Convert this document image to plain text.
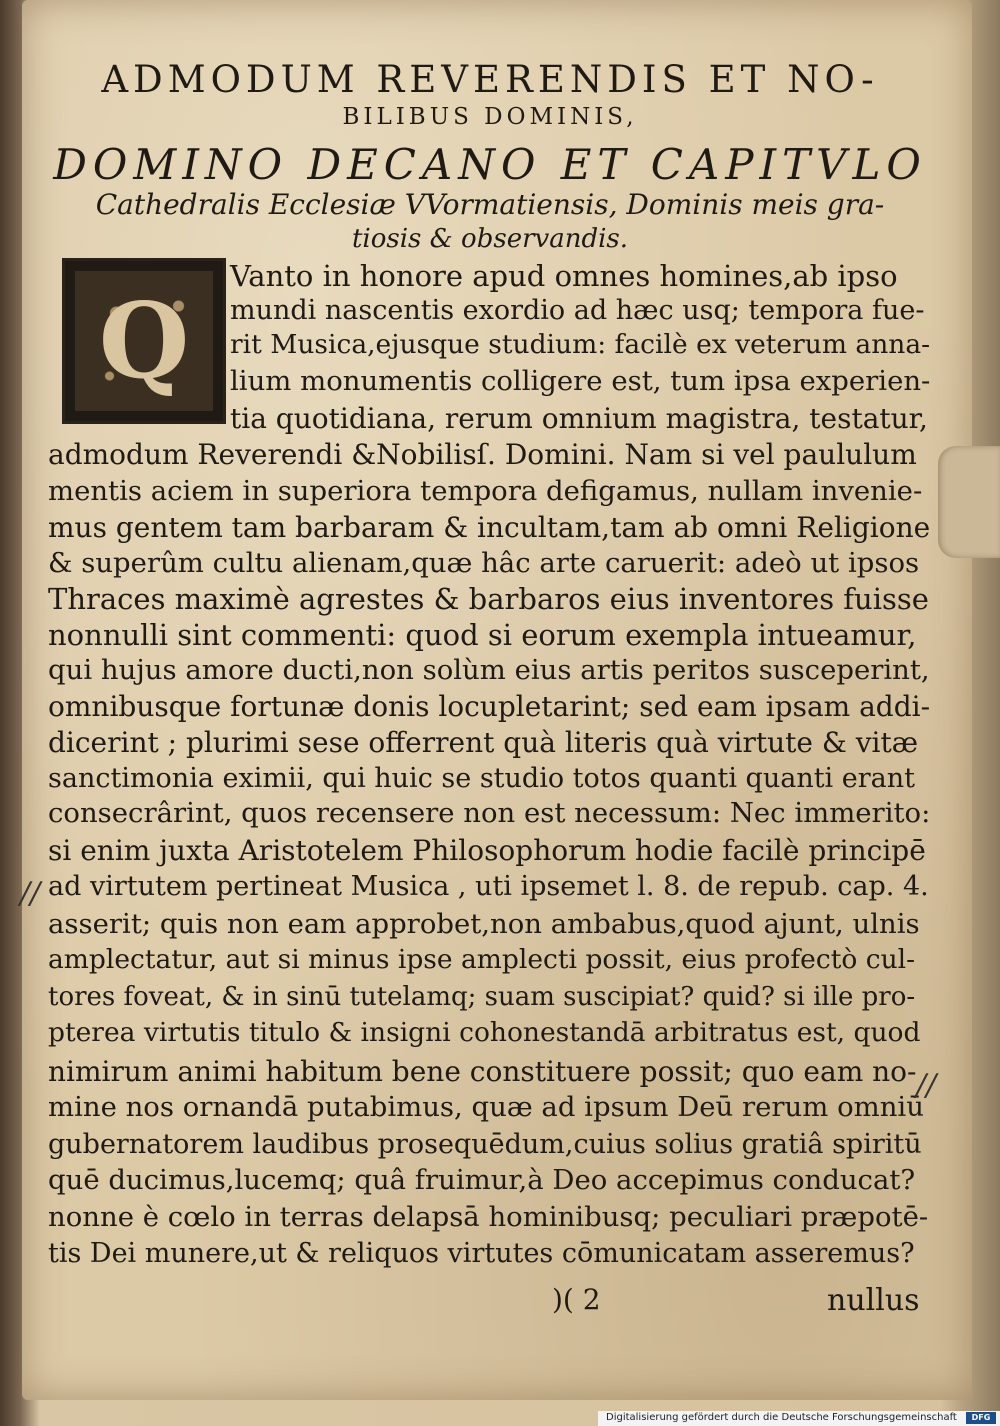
ADMODUM REVERENDIS ET NO-
BILIBUS DOMINIS,
DOMINO DECANO ET CAPITVLO
Cathedralis Ecclesiæ VVormatiensis, Dominis meis gra-
tiosis & observandis.
Q
Vanto in honore apud omnes homines,ab ipso
mundi nascentis exordio ad hæc usq; tempora fue-
rit Musica,ejusque studium: facilè ex veterum anna-
lium monumentis colligere est, tum ipsa experien-
tia quotidiana, rerum omnium magistra, testatur,
admodum Reverendi &Nobilisſ. Domini. Nam si vel paululum
mentis aciem in superiora tempora defigamus, nullam invenie-
mus gentem tam barbaram & incultam,tam ab omni Religione
& superûm cultu alienam,quæ hâc arte caruerit: adeò ut ipsos
Thraces maximè agrestes & barbaros eius inventores fuisse
nonnulli sint commenti: quod si eorum exempla intueamur,
qui hujus amore ducti,non solùm eius artis peritos susceperint,
omnibusque fortunæ donis locupletarint; sed eam ipsam addi-
dicerint ; plurimi sese offerrent quà literis quà virtute & vitæ
sanctimonia eximii, qui huic se studio totos quanti quanti erant
consecrârint, quos recensere non est necessum: Nec immerito:
si enim juxta Aristotelem Philosophorum hodie facilè principē
ad virtutem pertineat Musica , uti ipsemet l. 8. de repub. cap. 4.
asserit; quis non eam approbet,non ambabus,quod ajunt, ulnis
amplectatur, aut si minus ipse amplecti possit, eius profectò cul-
tores foveat, & in sinū tutelamq; suam suscipiat? quid? si ille pro-
pterea virtutis titulo & insigni cohonestandā arbitratus est, quod
nimirum animi habitum bene constituere possit; quo eam no-
mine nos ornandā putabimus, quæ ad ipsum Deū rerum omniū
gubernatorem laudibus prosequēdum,cuius solius gratiâ spiritū
quē ducimus,lucemq; quâ fruimur,à Deo accepimus conducat?
nonne è cœlo in terras delapsā hominibusq; peculiari præpotē-
tis Dei munere,ut & reliquos virtutes cōmunicatam asseremus?
//
//
)( 2	nullus
Digitalisierung gefördert durch die Deutsche Forschungsgemeinschaft	DFG
